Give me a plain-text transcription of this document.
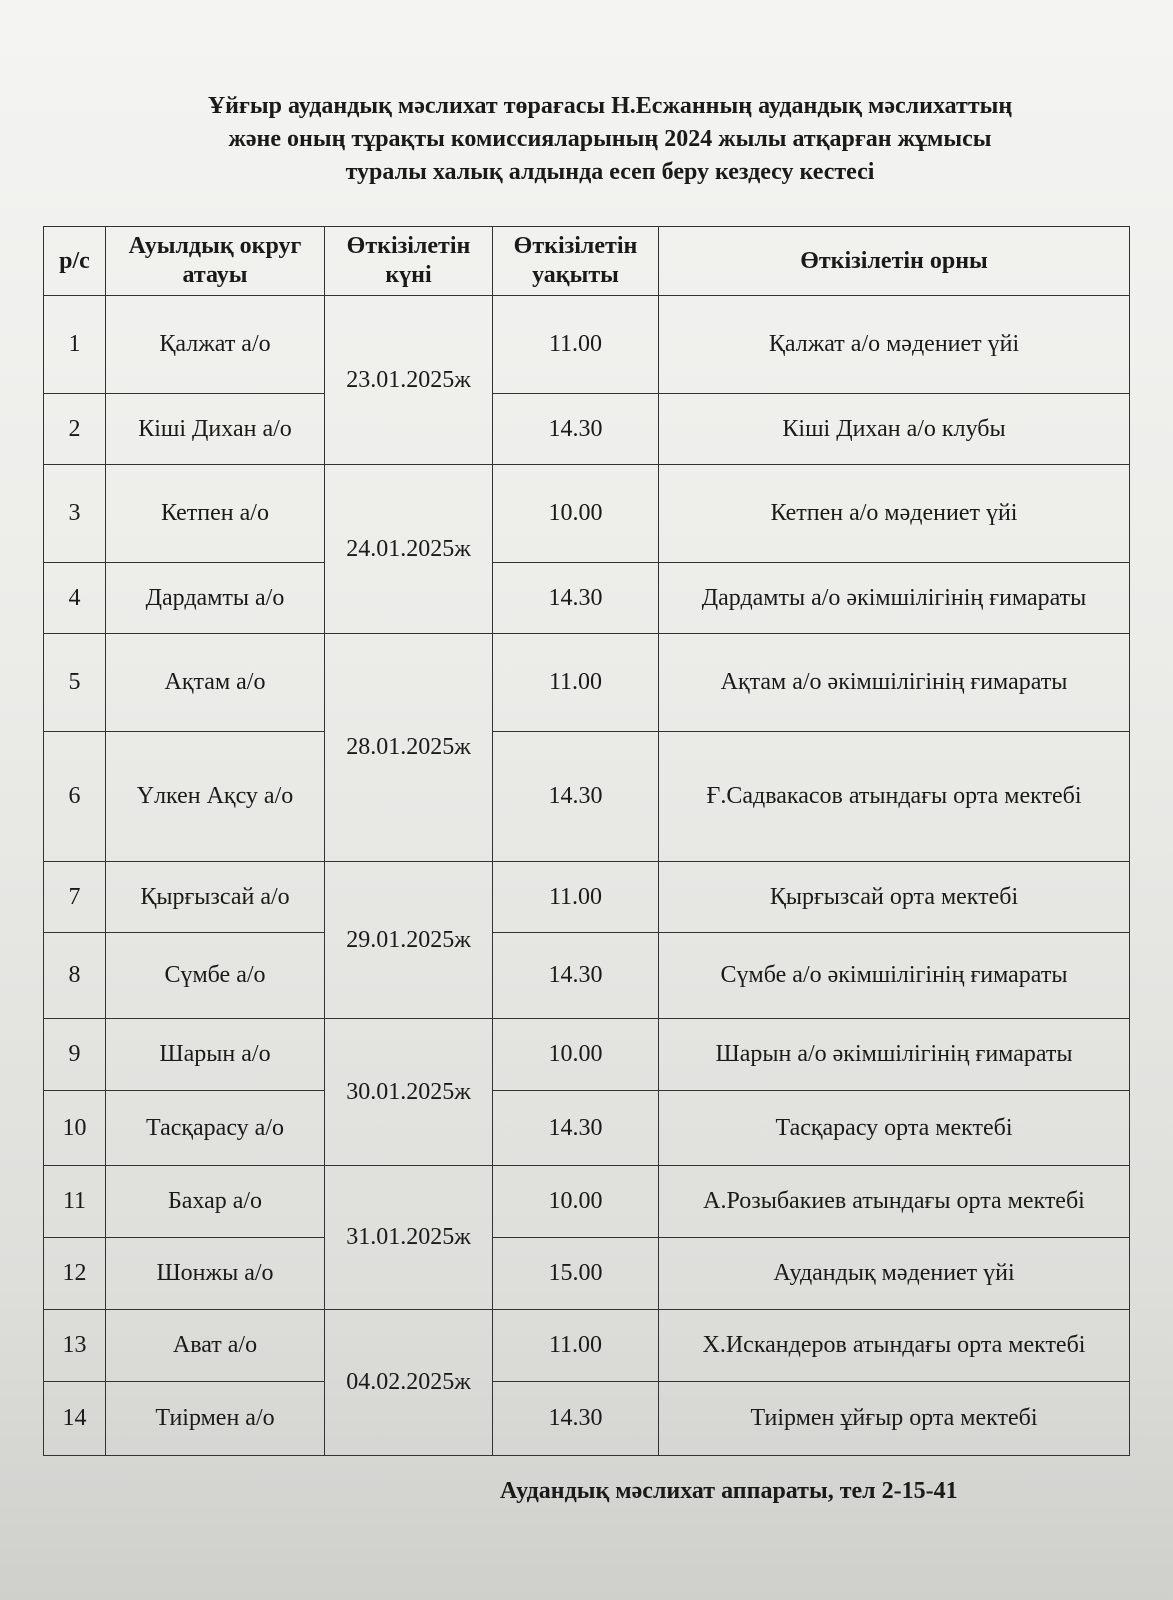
Ұйғыр аудандық мәслихат төрағасы Н.Есжанның аудандық мәслихаттың
және оның тұрақты комиссияларының 2024 жылы атқарған жұмысы
туралы халық алдында есеп беру кездесу кестесі
р/с	Ауылдық округ атауы	Өткізілетін күні	Өткізілетін уақыты	Өткізілетін орны
1	Қалжат а/о	23.01.2025ж	11.00	Қалжат а/о мәдениет үйі
2	Кіші Дихан а/о		14.30	Кіші Дихан а/о клубы
3	Кетпен а/о	24.01.2025ж	10.00	Кетпен а/о мәдениет үйі
4	Дардамты а/о		14.30	Дардамты а/о әкімшілігінің ғимараты
5	Ақтам а/о	28.01.2025ж	11.00	Ақтам а/о әкімшілігінің ғимараты
6	Үлкен Ақсу а/о		14.30	Ғ.Садвакасов атындағы орта мектебі
7	Қырғызсай а/о	29.01.2025ж	11.00	Қырғызсай орта мектебі
8	Сүмбе а/о		14.30	Сүмбе а/о әкімшілігінің ғимараты
9	Шарын а/о	30.01.2025ж	10.00	Шарын а/о әкімшілігінің ғимараты
10	Тасқарасу а/о		14.30	Тасқарасу орта мектебі
11	Бахар а/о	31.01.2025ж	10.00	А.Розыбакиев атындағы орта мектебі
12	Шонжы а/о		15.00	Аудандық мәдениет үйі
13	Ават а/о	04.02.2025ж	11.00	Х.Искандеров атындағы орта мектебі
14	Тиірмен а/о		14.30	Тиірмен ұйғыр орта мектебі
Аудандық мәслихат аппараты, тел 2-15-41
